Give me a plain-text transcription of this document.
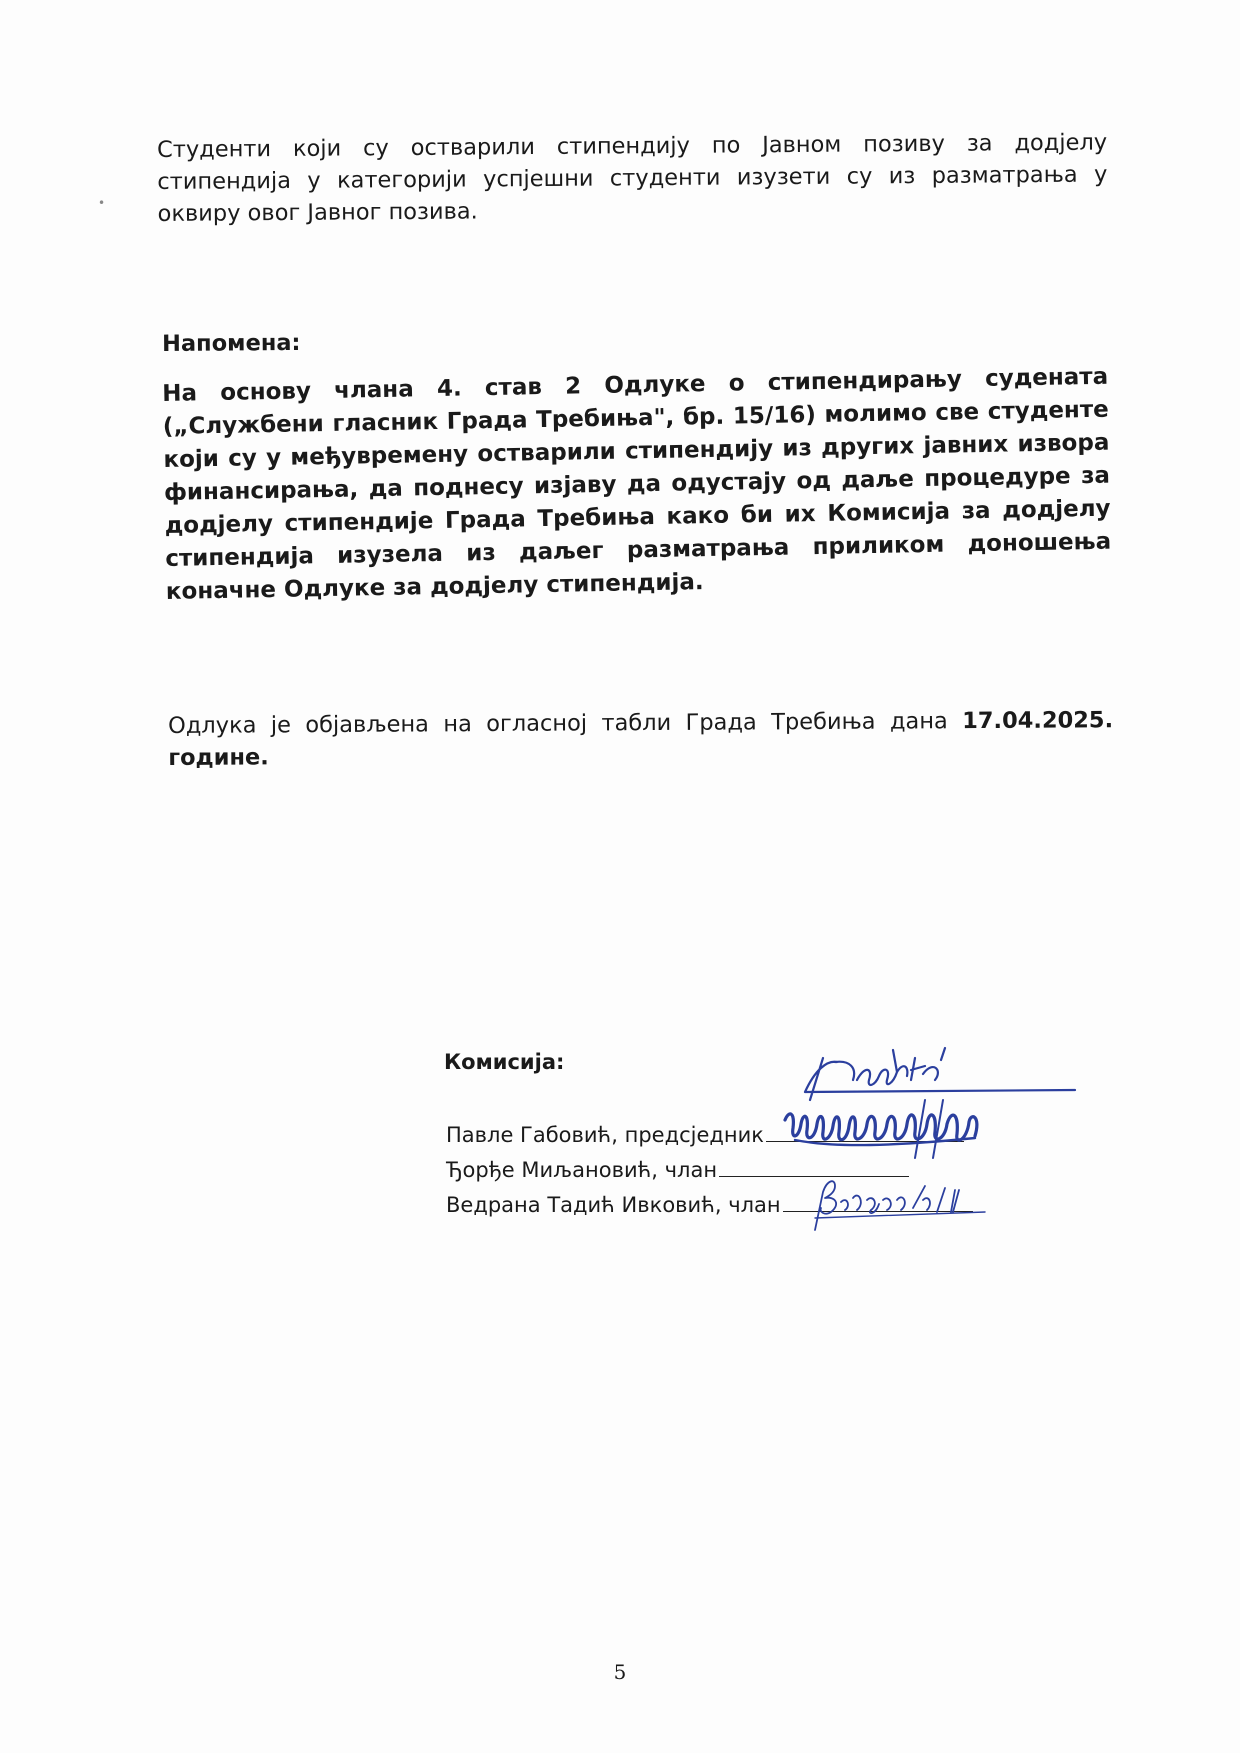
•
Студенти који су остварили стипендију по Јавном позиву за додјелу стипендија у категорији успјешни студенти изузети су из разматрања у оквиру овог Јавног позива.
Напомена:
На основу члана 4. став 2 Одлуке о стипендирању судената („Службени гласник Града Требиња", бр. 15/16) молимо све студенте који су у међувремену остварили стипендију из других јавних извора финансирања, да поднесу изјаву да одустају од даље процедуре за додјелу стипендије Града Требиња како би их Комисија за додјелу стипендија изузела из даљег разматрања приликом доношења коначне Одлуке за додјелу стипендија.
Одлука је објављена на огласној табли Града Требиња дана 17.04.2025. године.
Комисија:
Павле Габовић, предсједник
Ђорђе Миљановић, члан
Ведрана Тадић Ивковић, члан
5
